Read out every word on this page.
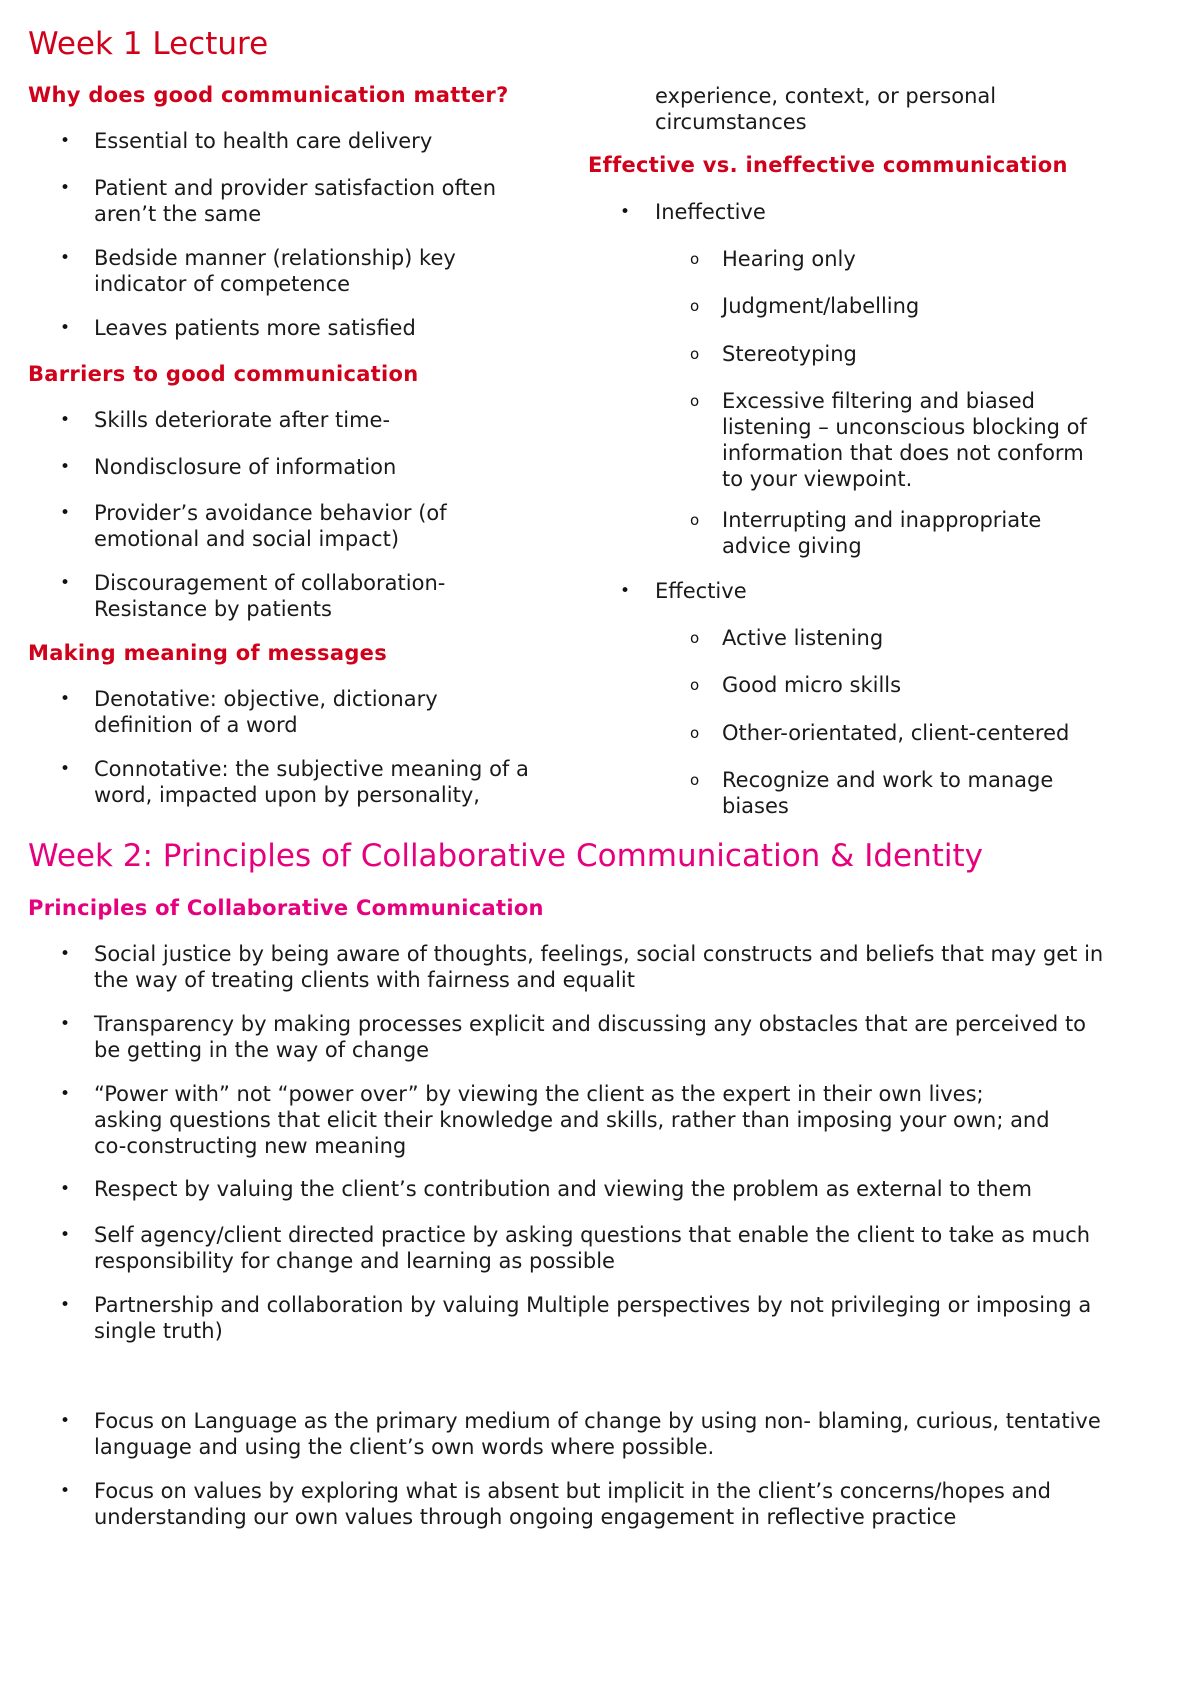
Week 1 Lecture
Why does good communication matter?
• Essential to health care delivery
• Patient and provider satisfaction often aren’t the same
• Bedside manner (relationship) key indicator of competence
• Leaves patients more satisfied
Barriers to good communication
• Skills deteriorate after time-
• Nondisclosure of information
• Provider’s avoidance behavior (of emotional and social impact)
• Discouragement of collaboration- Resistance by patients
Making meaning of messages
• Denotative: objective, dictionary definition of a word
• Connotative: the subjective meaning of a word, impacted upon by personality,
experience, context, or personal circumstances
Effective vs. ineffective communication
• Ineffective
o Hearing only
o Judgment/labelling
o Stereotyping
o Excessive filtering and biased listening – unconscious blocking of information that does not conform to your viewpoint.
o Interrupting and inappropriate advice giving
• Effective
o Active listening
o Good micro skills
o Other-orientated, client-centered
o Recognize and work to manage biases
Week 2: Principles of Collaborative Communication & Identity
Principles of Collaborative Communication
• Social justice by being aware of thoughts, feelings, social constructs and beliefs that may get in the way of treating clients with fairness and equalit
• Transparency by making processes explicit and discussing any obstacles that are perceived to be getting in the way of change
• “Power with” not “power over” by viewing the client as the expert in their own lives; asking questions that elicit their knowledge and skills, rather than imposing your own; and co-constructing new meaning
• Respect by valuing the client’s contribution and viewing the problem as external to them
• Self agency/client directed practice by asking questions that enable the client to take as much responsibility for change and learning as possible
• Partnership and collaboration by valuing Multiple perspectives by not privileging or imposing a single truth)
• Focus on Language as the primary medium of change by using non- blaming, curious, tentative language and using the client’s own words where possible.
• Focus on values by exploring what is absent but implicit in the client’s concerns/hopes and understanding our own values through ongoing engagement in reflective practice
